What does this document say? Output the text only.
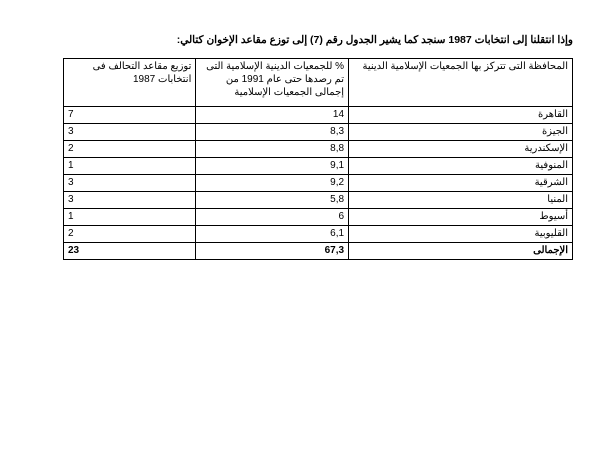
وإذا انتقلنا إلى انتخابات 1987 سنجد كما يشير الجدول رقم (7) إلى توزع مقاعد الإخوان كتالي:

المحافظة التى تتركز بها الجمعيات الإسلامية الدينية	% للجمعيات الدينية الإسلامية التى تم رصدها حتى عام 1991 من إجمالى الجمعيات الإسلامية	توزيع مقاعد التحالف فى انتخابات 1987
القاهرة	14	7
الجيزة	8,3	3
الإسكندرية	8,8	2
المنوفية	9,1	1
الشرقية	9,2	3
المنيا	5,8	3
أسيوط	6	1
القليوبية	6,1	2
الإجمالى	67,3	23
